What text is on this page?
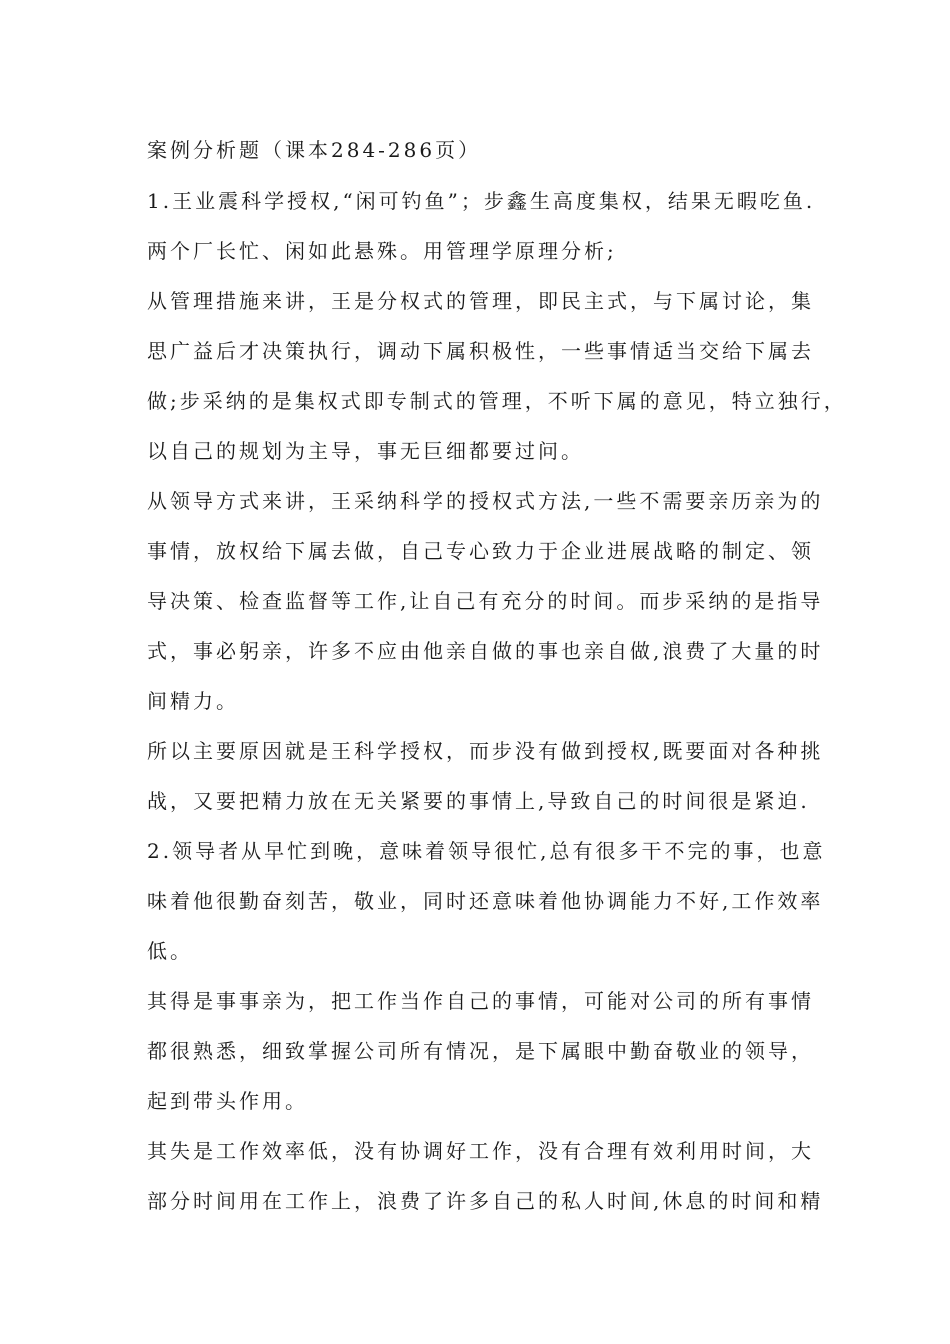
案例分析题（课本284-286页）
1.王业震科学授权,“闲可钓鱼”；步鑫生高度集权，结果无暇吃鱼.
两个厂长忙、闲如此悬殊。用管理学原理分析;
从管理措施来讲，王是分权式的管理，即民主式，与下属讨论，集
思广益后才决策执行，调动下属积极性，一些事情适当交给下属去
做;步采纳的是集权式即专制式的管理，不听下属的意见，特立独行，
以自己的规划为主导，事无巨细都要过问。
从领导方式来讲，王采纳科学的授权式方法,一些不需要亲历亲为的
事情，放权给下属去做，自己专心致力于企业进展战略的制定、领
导决策、检查监督等工作,让自己有充分的时间。而步采纳的是指导
式，事必躬亲，许多不应由他亲自做的事也亲自做,浪费了大量的时
间精力。
所以主要原因就是王科学授权，而步没有做到授权,既要面对各种挑
战，又要把精力放在无关紧要的事情上,导致自己的时间很是紧迫.
2.领导者从早忙到晚，意味着领导很忙,总有很多干不完的事，也意
味着他很勤奋刻苦，敬业，同时还意味着他协调能力不好,工作效率
低。
其得是事事亲为，把工作当作自己的事情，可能对公司的所有事情
都很熟悉，细致掌握公司所有情况，是下属眼中勤奋敬业的领导，
起到带头作用。
其失是工作效率低，没有协调好工作，没有合理有效利用时间，大
部分时间用在工作上，浪费了许多自己的私人时间,休息的时间和精
